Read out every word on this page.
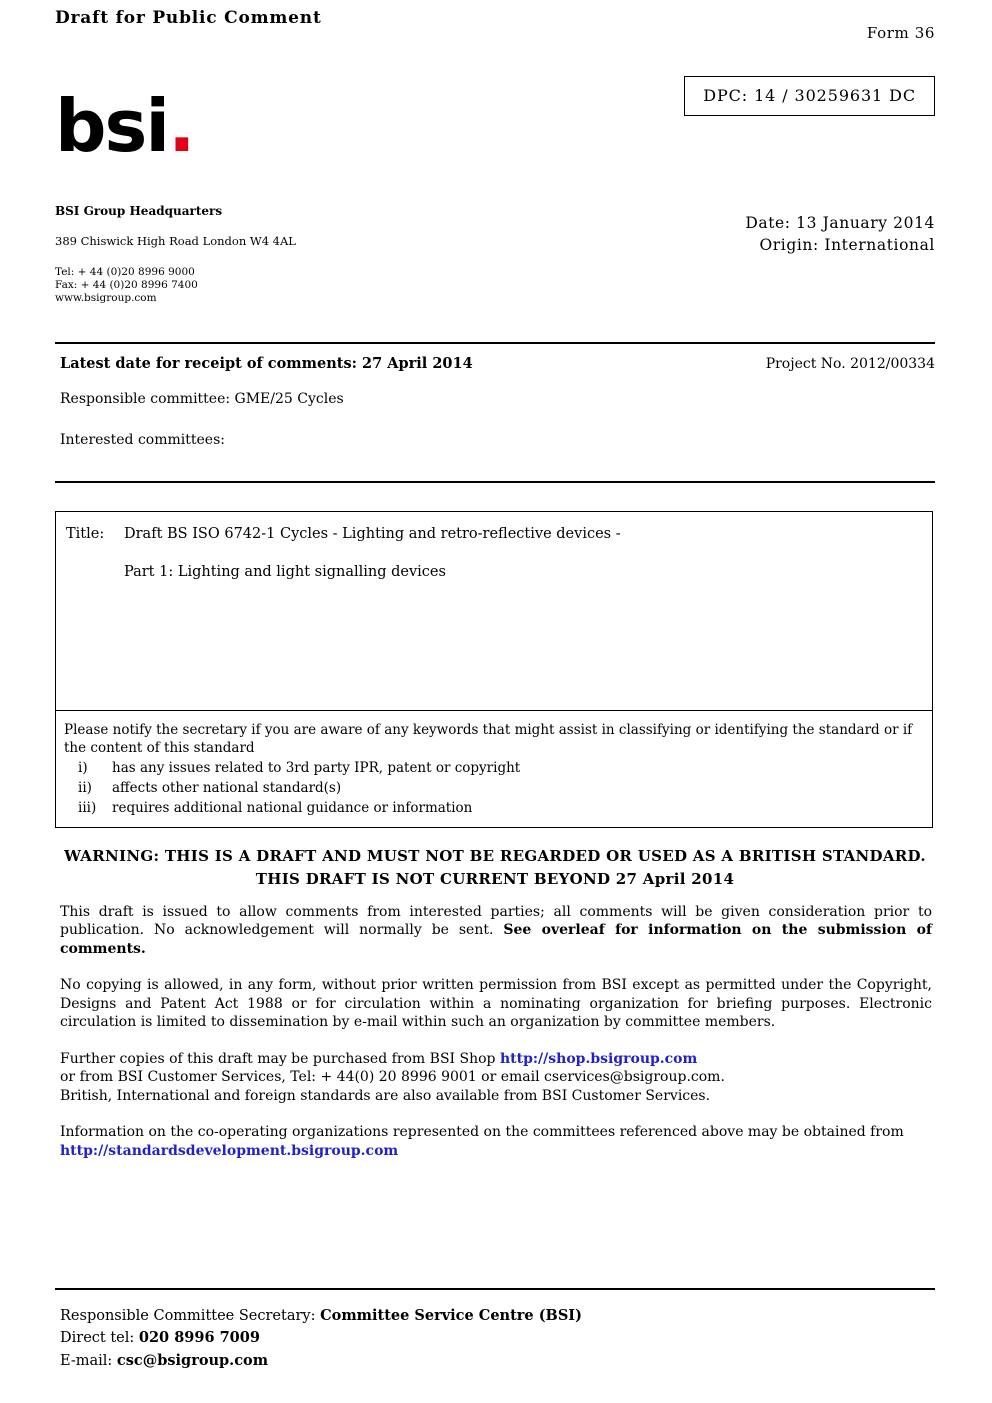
Draft for Public Comment
Form 36
DPC: 14 / 30259631 DC
bsi.
BSI Group Headquarters
389 Chiswick High Road London W4 4AL
Tel: + 44 (0)20 8996 9000
Fax: + 44 (0)20 8996 7400
www.bsigroup.com
Date: 13 January 2014
Origin: International
Latest date for receipt of comments: 27 April 2014	Project No. 2012/00334
Responsible committee: GME/25 Cycles
Interested committees:
Title: Draft BS ISO 6742-1 Cycles - Lighting and retro-reflective devices -
Part 1: Lighting and light signalling devices
Please notify the secretary if you are aware of any keywords that might assist in classifying or identifying the standard or if the content of this standard
i) has any issues related to 3rd party IPR, patent or copyright
ii) affects other national standard(s)
iii) requires additional national guidance or information
WARNING: THIS IS A DRAFT AND MUST NOT BE REGARDED OR USED AS A BRITISH STANDARD.
THIS DRAFT IS NOT CURRENT BEYOND 27 April 2014

This draft is issued to allow comments from interested parties; all comments will be given consideration prior to publication. No acknowledgement will normally be sent. See overleaf for information on the submission of comments.

No copying is allowed, in any form, without prior written permission from BSI except as permitted under the Copyright, Designs and Patent Act 1988 or for circulation within a nominating organization for briefing purposes. Electronic circulation is limited to dissemination by e-mail within such an organization by committee members.

Further copies of this draft may be purchased from BSI Shop http://shop.bsigroup.com
or from BSI Customer Services, Tel: + 44(0) 20 8996 9001 or email cservices@bsigroup.com.
British, International and foreign standards are also available from BSI Customer Services.

Information on the co-operating organizations represented on the committees referenced above may be obtained from
http://standardsdevelopment.bsigroup.com

Responsible Committee Secretary: Committee Service Centre (BSI)
Direct tel: 020 8996 7009
E-mail: csc@bsigroup.com
